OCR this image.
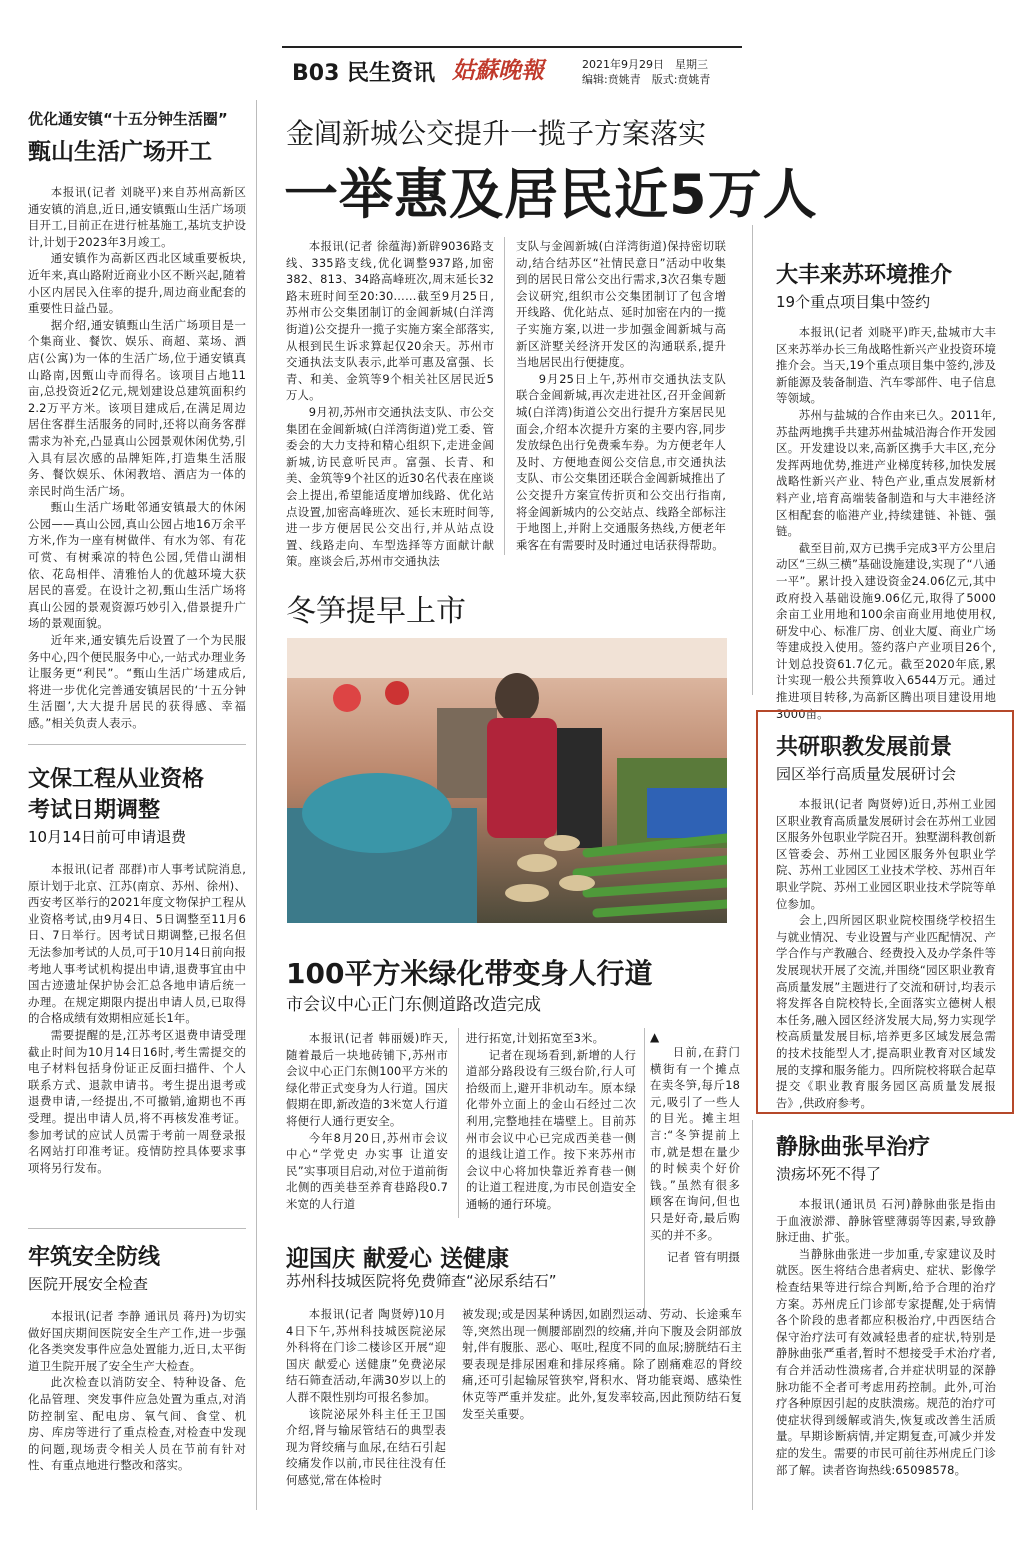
B03 民生资讯 姑蘇晚報	2021年9月29日　星期三
编辑:贲姚青　版式:贲姚青
优化通安镇“十五分钟生活圈”
甄山生活广场开工

本报讯(记者 刘晓平)来自苏州高新区通安镇的消息,近日,通安镇甄山生活广场项目开工,目前正在进行桩基施工,基坑支护设计,计划于2023年3月竣工。

通安镇作为高新区西北区域重要板块,近年来,真山路附近商业小区不断兴起,随着小区内居民入住率的提升,周边商业配套的重要性日益凸显。

据介绍,通安镇甄山生活广场项目是一个集商业、餐饮、娱乐、商超、菜场、酒店(公寓)为一体的生活广场,位于通安镇真山路南,因甄山寺而得名。该项目占地11亩,总投资近2亿元,规划建设总建筑面积约2.2万平方米。该项目建成后,在满足周边居住客群生活服务的同时,还将以商务客群需求为补充,凸显真山公园景观休闲优势,引入具有层次感的品牌矩阵,打造集生活服务、餐饮娱乐、休闲教培、酒店为一体的亲民时尚生活广场。

甄山生活广场毗邻通安镇最大的休闲公园——真山公园,真山公园占地16万余平方米,作为一座有树做伴、有水为邻、有花可赏、有树乘凉的特色公园,凭借山湖相依、花岛相伴、清雅怡人的优越环境大获居民的喜爱。在设计之初,甄山生活广场将真山公园的景观资源巧妙引入,借景提升广场的景观面貌。

近年来,通安镇先后设置了一个为民服务中心,四个便民服务中心,一站式办理业务让服务更“利民”。“甄山生活广场建成后,将进一步优化完善通安镇居民的‘十五分钟生活圈’,大大提升居民的获得感、幸福感。”相关负责人表示。

文保工程从业资格
考试日期调整
10月14日前可申请退费

本报讯(记者 邵群)市人事考试院消息,原计划于北京、江苏(南京、苏州、徐州)、西安考区举行的2021年度文物保护工程从业资格考试,由9月4日、5日调整至11月6日、7日举行。因考试日期调整,已报名但无法参加考试的人员,可于10月14日前向报考地人事考试机构提出申请,退费事宜由中国古迹遗址保护协会汇总各地申请后统一办理。在规定期限内提出申请人员,已取得的合格成绩有效期相应延长1年。

需要提醒的是,江苏考区退费申请受理截止时间为10月14日16时,考生需提交的电子材料包括身份证正反面扫描件、个人联系方式、退款申请书。考生提出退考或退费申请,一经提出,不可撤销,逾期也不再受理。提出申请人员,将不再核发准考证。参加考试的应试人员需于考前一周登录报名网站打印准考证。疫情防控具体要求事项将另行发布。

牢筑安全防线
医院开展安全检查

本报讯(记者 李静 通讯员 蒋丹)为切实做好国庆期间医院安全生产工作,进一步强化各类突发事件应急处置能力,近日,太平街道卫生院开展了安全生产大检查。

此次检查以消防安全、特种设备、危化品管理、突发事件应急处置为重点,对消防控制室、配电房、氧气间、食堂、机房、库房等进行了重点检查,对检查中发现的问题,现场责令相关人员在节前有针对性、有重点地进行整改和落实。

金阊新城公交提升一揽子方案落实
一举惠及居民近5万人

本报讯(记者 徐蕴海)新辟9036路支线、335路支线,优化调整937路,加密382、813、34路高峰班次,周末延长32路末班时间至20:30……截至9月25日,苏州市公交集团制订的金阊新城(白洋湾街道)公交提升一揽子实施方案全部落实,从根到民生诉求算起仅20余天。苏州市交通执法支队表示,此举可惠及富强、长青、和美、金筑等9个相关社区居民近5万人。

9月初,苏州市交通执法支队、市公交集团在金阊新城(白洋湾街道)党工委、管委会的大力支持和精心组织下,走进金阊新城,访民意听民声。富强、长青、和美、金筑等9个社区的近30名代表在座谈会上提出,希望能适度增加线路、优化站点设置,加密高峰班次、延长末班时间等,进一步方便居民公交出行,并从站点设置、线路走向、车型选择等方面献计献策。座谈会后,苏州市交通执法

支队与金阊新城(白洋湾街道)保持密切联动,结合结苏区“社情民意日”活动中收集到的居民日常公交出行需求,3次召集专题会议研究,组织市公交集团制订了包含增开线路、优化站点、延时加密在内的一揽子实施方案,以进一步加强金阊新城与高新区浒墅关经济开发区的沟通联系,提升当地居民出行便捷度。

9月25日上午,苏州市交通执法支队联合金阊新城,再次走进社区,召开金阊新城(白洋湾)街道公交出行提升方案居民见面会,介绍本次提升方案的主要内容,同步发放绿色出行免费乘车券。为方便老年人及时、方便地查阅公交信息,市交通执法支队、市公交集团还联合金阊新城推出了公交提升方案宣传折页和公交出行指南,将金阊新城内的公交站点、线路全部标注于地图上,并附上交通服务热线,方便老年乘客在有需要时及时通过电话获得帮助。

冬笋提早上市
▲
日前,在葑门横街有一个摊点在卖冬笋,每斤18元,吸引了一些人的目光。摊主坦言:“冬笋提前上市,就是想在量少的时候卖个好价钱。”虽然有很多顾客在询问,但也只是好奇,最后购买的并不多。
记者 管有明摄
100平方米绿化带变身人行道
市会议中心正门东侧道路改造完成

本报讯(记者 韩丽媛)昨天,随着最后一块地砖铺下,苏州市会议中心正门东侧100平方米的绿化带正式变身为人行道。国庆假期在即,新改造的3米宽人行道将便行人通行更安全。

今年8月20日,苏州市会议中心“学党史 办实事 让道安民”实事项目启动,对位于道前街北侧的西美巷至养育巷路段0.7米宽的人行道

进行拓宽,计划拓宽至3米。

记者在现场看到,新增的人行道部分路段设有三级台阶,行人可拾级而上,避开非机动车。原本绿化带外立面上的金山石经过二次利用,完整地挂在墙壁上。目前苏州市会议中心已完成西美巷一侧的退线让道工作。按下来苏州市会议中心将加快靠近养育巷一侧的让道工程进度,为市民创造安全通畅的通行环境。

迎国庆 献爱心 送健康
苏州科技城医院将免费筛查“泌尿系结石”

本报讯(记者 陶贤婷)10月4日下午,苏州科技城医院泌尿外科将在门诊二楼诊区开展“迎国庆 献爱心 送健康”免费泌尿结石筛查活动,年满30岁以上的人群不限性别均可报名参加。

该院泌尿外科主任王卫国介绍,肾与输尿管结石的典型表现为肾绞痛与血尿,在结石引起绞痛发作以前,市民往往没有任何感觉,常在体检时

被发现;或是因某种诱因,如剧烈运动、劳动、长途乘车等,突然出现一侧腰部剧烈的绞痛,并向下腹及会阴部放射,伴有腹胀、恶心、呕吐,程度不同的血尿;膀胱结石主要表现是排尿困难和排尿疼痛。除了剧痛难忍的肾绞痛,还可引起输尿管狭窄,肾积水、肾功能衰竭、感染性休克等严重并发症。此外,复发率较高,因此预防结石复发至关重要。

大丰来苏环境推介
19个重点项目集中签约

本报讯(记者 刘晓平)昨天,盐城市大丰区来苏举办长三角战略性新兴产业投资环境推介会。当天,19个重点项目集中签约,涉及新能源及装备制造、汽车零部件、电子信息等领域。

苏州与盐城的合作由来已久。2011年,苏盐两地携手共建苏州盐城沿海合作开发园区。开发建设以来,高新区携手大丰区,充分发挥两地优势,推进产业梯度转移,加快发展战略性新兴产业、特色产业,重点发展新材料产业,培育高端装备制造和与大丰港经济区相配套的临港产业,持续建链、补链、强链。

截至目前,双方已携手完成3平方公里启动区“三纵三横”基础设施建设,实现了“八通一平”。累计投入建设资金24.06亿元,其中政府投入基础设施9.06亿元,取得了5000余亩工业用地和100余亩商业用地使用权,研发中心、标准厂房、创业大厦、商业广场等建成投入使用。签约落户产业项目26个,计划总投资61.7亿元。截至2020年底,累计实现一般公共预算收入6544万元。通过推进项目转移,为高新区腾出项目建设用地3000亩。

共研职教发展前景
园区举行高质量发展研讨会

本报讯(记者 陶贤婷)近日,苏州工业园区职业教育高质量发展研讨会在苏州工业园区服务外包职业学院召开。独墅湖科教创新区管委会、苏州工业园区服务外包职业学院、苏州工业园区工业技术学校、苏州百年职业学院、苏州工业园区职业技术学院等单位参加。

会上,四所园区职业院校围绕学校招生与就业情况、专业设置与产业匹配情况、产学合作与产教融合、经费投入及办学条件等发展现状开展了交流,并围绕“园区职业教育高质量发展”主题进行了交流和研讨,均表示将发挥各自院校特长,全面落实立德树人根本任务,融入园区经济发展大局,努力实现学校高质量发展目标,培养更多区域发展急需的技术技能型人才,提高职业教育对区域发展的支撑和服务能力。四所院校将联合起草提交《职业教育服务园区高质量发展报告》,供政府参考。

静脉曲张早治疗
溃疡坏死不得了

本报讯(通讯员 石河)静脉曲张是指由于血液淤滞、静脉管壁薄弱等因素,导致静脉迂曲、扩张。

当静脉曲张进一步加重,专家建议及时就医。医生将结合患者病史、症状、影像学检查结果等进行综合判断,给予合理的治疗方案。苏州虎丘门诊部专家提醒,处于病情各个阶段的患者都应积极治疗,中西医结合保守治疗法可有效减轻患者的症状,特别是静脉曲张严重者,暂时不想接受手术治疗者,有合并活动性溃疡者,合并症状明显的深静脉功能不全者可考虑用药控制。此外,可治疗各种原因引起的皮肤溃疡。规范的治疗可使症状得到缓解或消失,恢复或改善生活质量。早期诊断病情,并定期复查,可减少并发症的发生。需要的市民可前往苏州虎丘门诊部了解。读者咨询热线:65098578。
